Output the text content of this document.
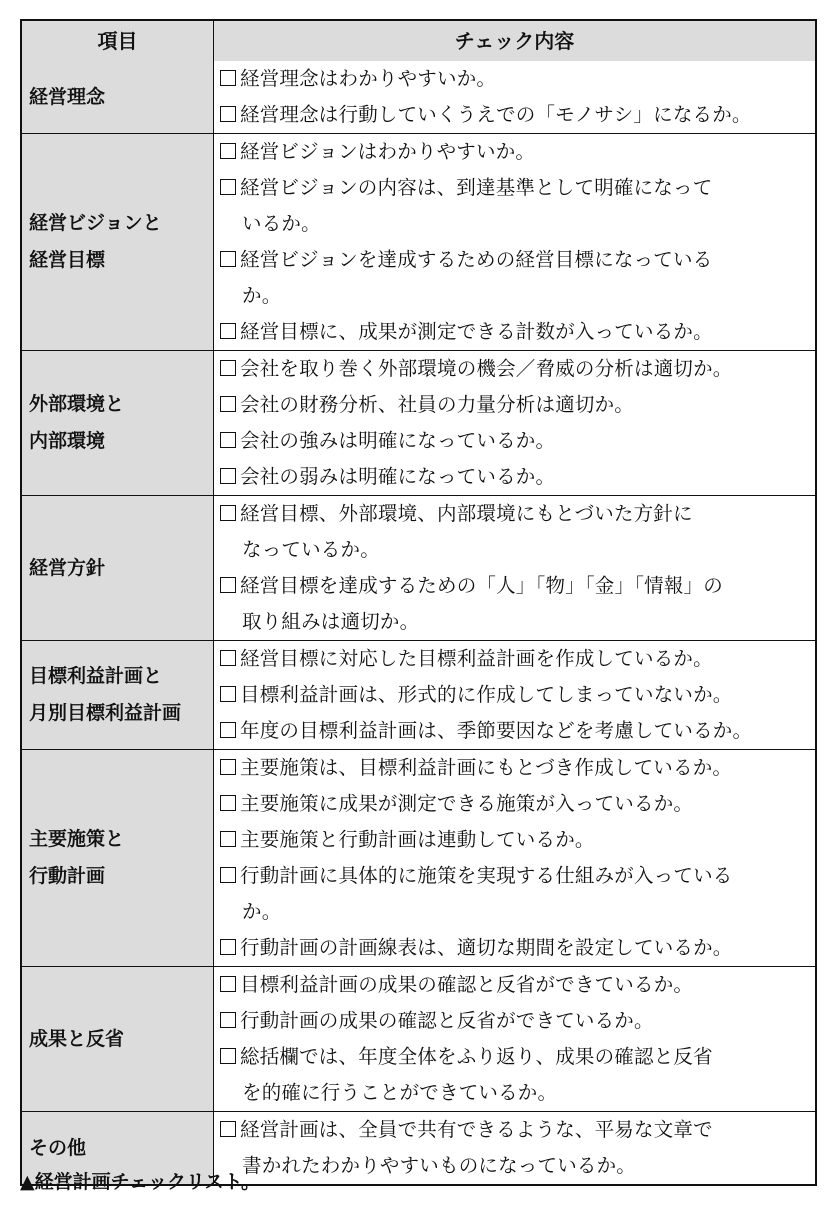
項目	チェック内容
経営理念
経営理念はわかりやすいか。
経営理念は行動していくうえでの「モノサシ」になるか。
経営ビジョンと
経営目標
経営ビジョンはわかりやすいか。
経営ビジョンの内容は、到達基準として明確になって
いるか。
経営ビジョンを達成するための経営目標になっている
か。
経営目標に、成果が測定できる計数が入っているか。
外部環境と
内部環境
会社を取り巻く外部環境の機会／脅威の分析は適切か。
会社の財務分析、社員の力量分析は適切か。
会社の強みは明確になっているか。
会社の弱みは明確になっているか。
経営方針
経営目標、外部環境、内部環境にもとづいた方針に
なっているか。
経営目標を達成するための「人」「物」「金」「情報」の
取り組みは適切か。
目標利益計画と
月別目標利益計画
経営目標に対応した目標利益計画を作成しているか。
目標利益計画は、形式的に作成してしまっていないか。
年度の目標利益計画は、季節要因などを考慮しているか。
主要施策と
行動計画
主要施策は、目標利益計画にもとづき作成しているか。
主要施策に成果が測定できる施策が入っているか。
主要施策と行動計画は連動しているか。
行動計画に具体的に施策を実現する仕組みが入っている
か。
行動計画の計画線表は、適切な期間を設定しているか。
成果と反省
目標利益計画の成果の確認と反省ができているか。
行動計画の成果の確認と反省ができているか。
総括欄では、年度全体をふり返り、成果の確認と反省
を的確に行うことができているか。
その他
経営計画は、全員で共有できるような、平易な文章で
書かれたわかりやすいものになっているか。
▲経営計画チェックリスト。
